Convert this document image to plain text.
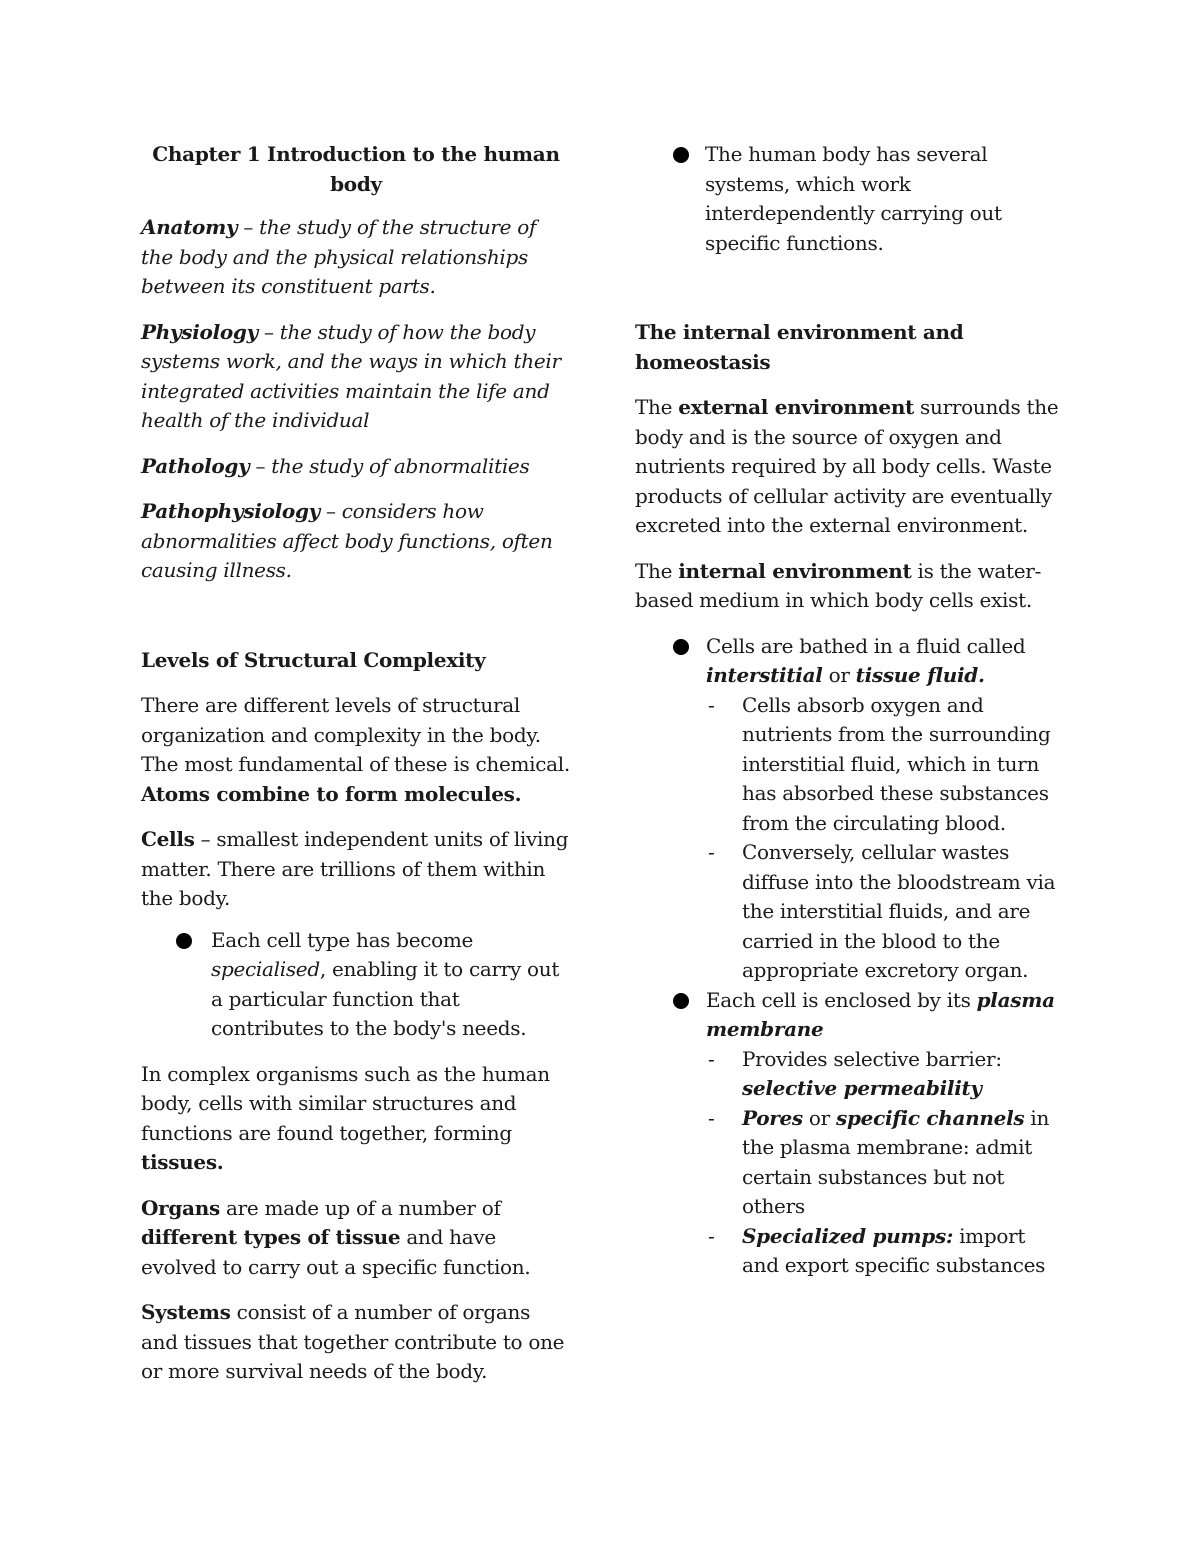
Chapter 1 Introduction to the human body

Anatomy – the study of the structure of the body and the physical relationships between its constituent parts.

Physiology – the study of how the body systems work, and the ways in which their integrated activities maintain the life and health of the individual

Pathology – the study of abnormalities

Pathophysiology – considers how abnormalities affect body functions, often causing illness.

Levels of Structural Complexity

There are different levels of structural organization and complexity in the body. The most fundamental of these is chemical. Atoms combine to form molecules.

Cells – smallest independent units of living matter. There are trillions of them within the body.

Each cell type has become specialised, enabling it to carry out a particular function that contributes to the body's needs.

In complex organisms such as the human body, cells with similar structures and functions are found together, forming tissues.

Organs are made up of a number of different types of tissue and have evolved to carry out a specific function.

Systems consist of a number of organs and tissues that together contribute to one or more survival needs of the body.

The human body has several systems, which work interdependently carrying out specific functions.

The internal environment and homeostasis

The external environment surrounds the body and is the source of oxygen and nutrients required by all body cells. Waste products of cellular activity are eventually excreted into the external environment.

The internal environment is the water-based medium in which body cells exist.

Cells are bathed in a fluid called interstitial or tissue fluid.
- Cells absorb oxygen and nutrients from the surrounding interstitial fluid, which in turn has absorbed these substances from the circulating blood.
- Conversely, cellular wastes diffuse into the bloodstream via the interstitial fluids, and are carried in the blood to the appropriate excretory organ.
Each cell is enclosed by its plasma membrane
- Provides selective barrier: selective permeability
- Pores or specific channels in the plasma membrane: admit certain substances but not others
- Specialized pumps: import and export specific substances
